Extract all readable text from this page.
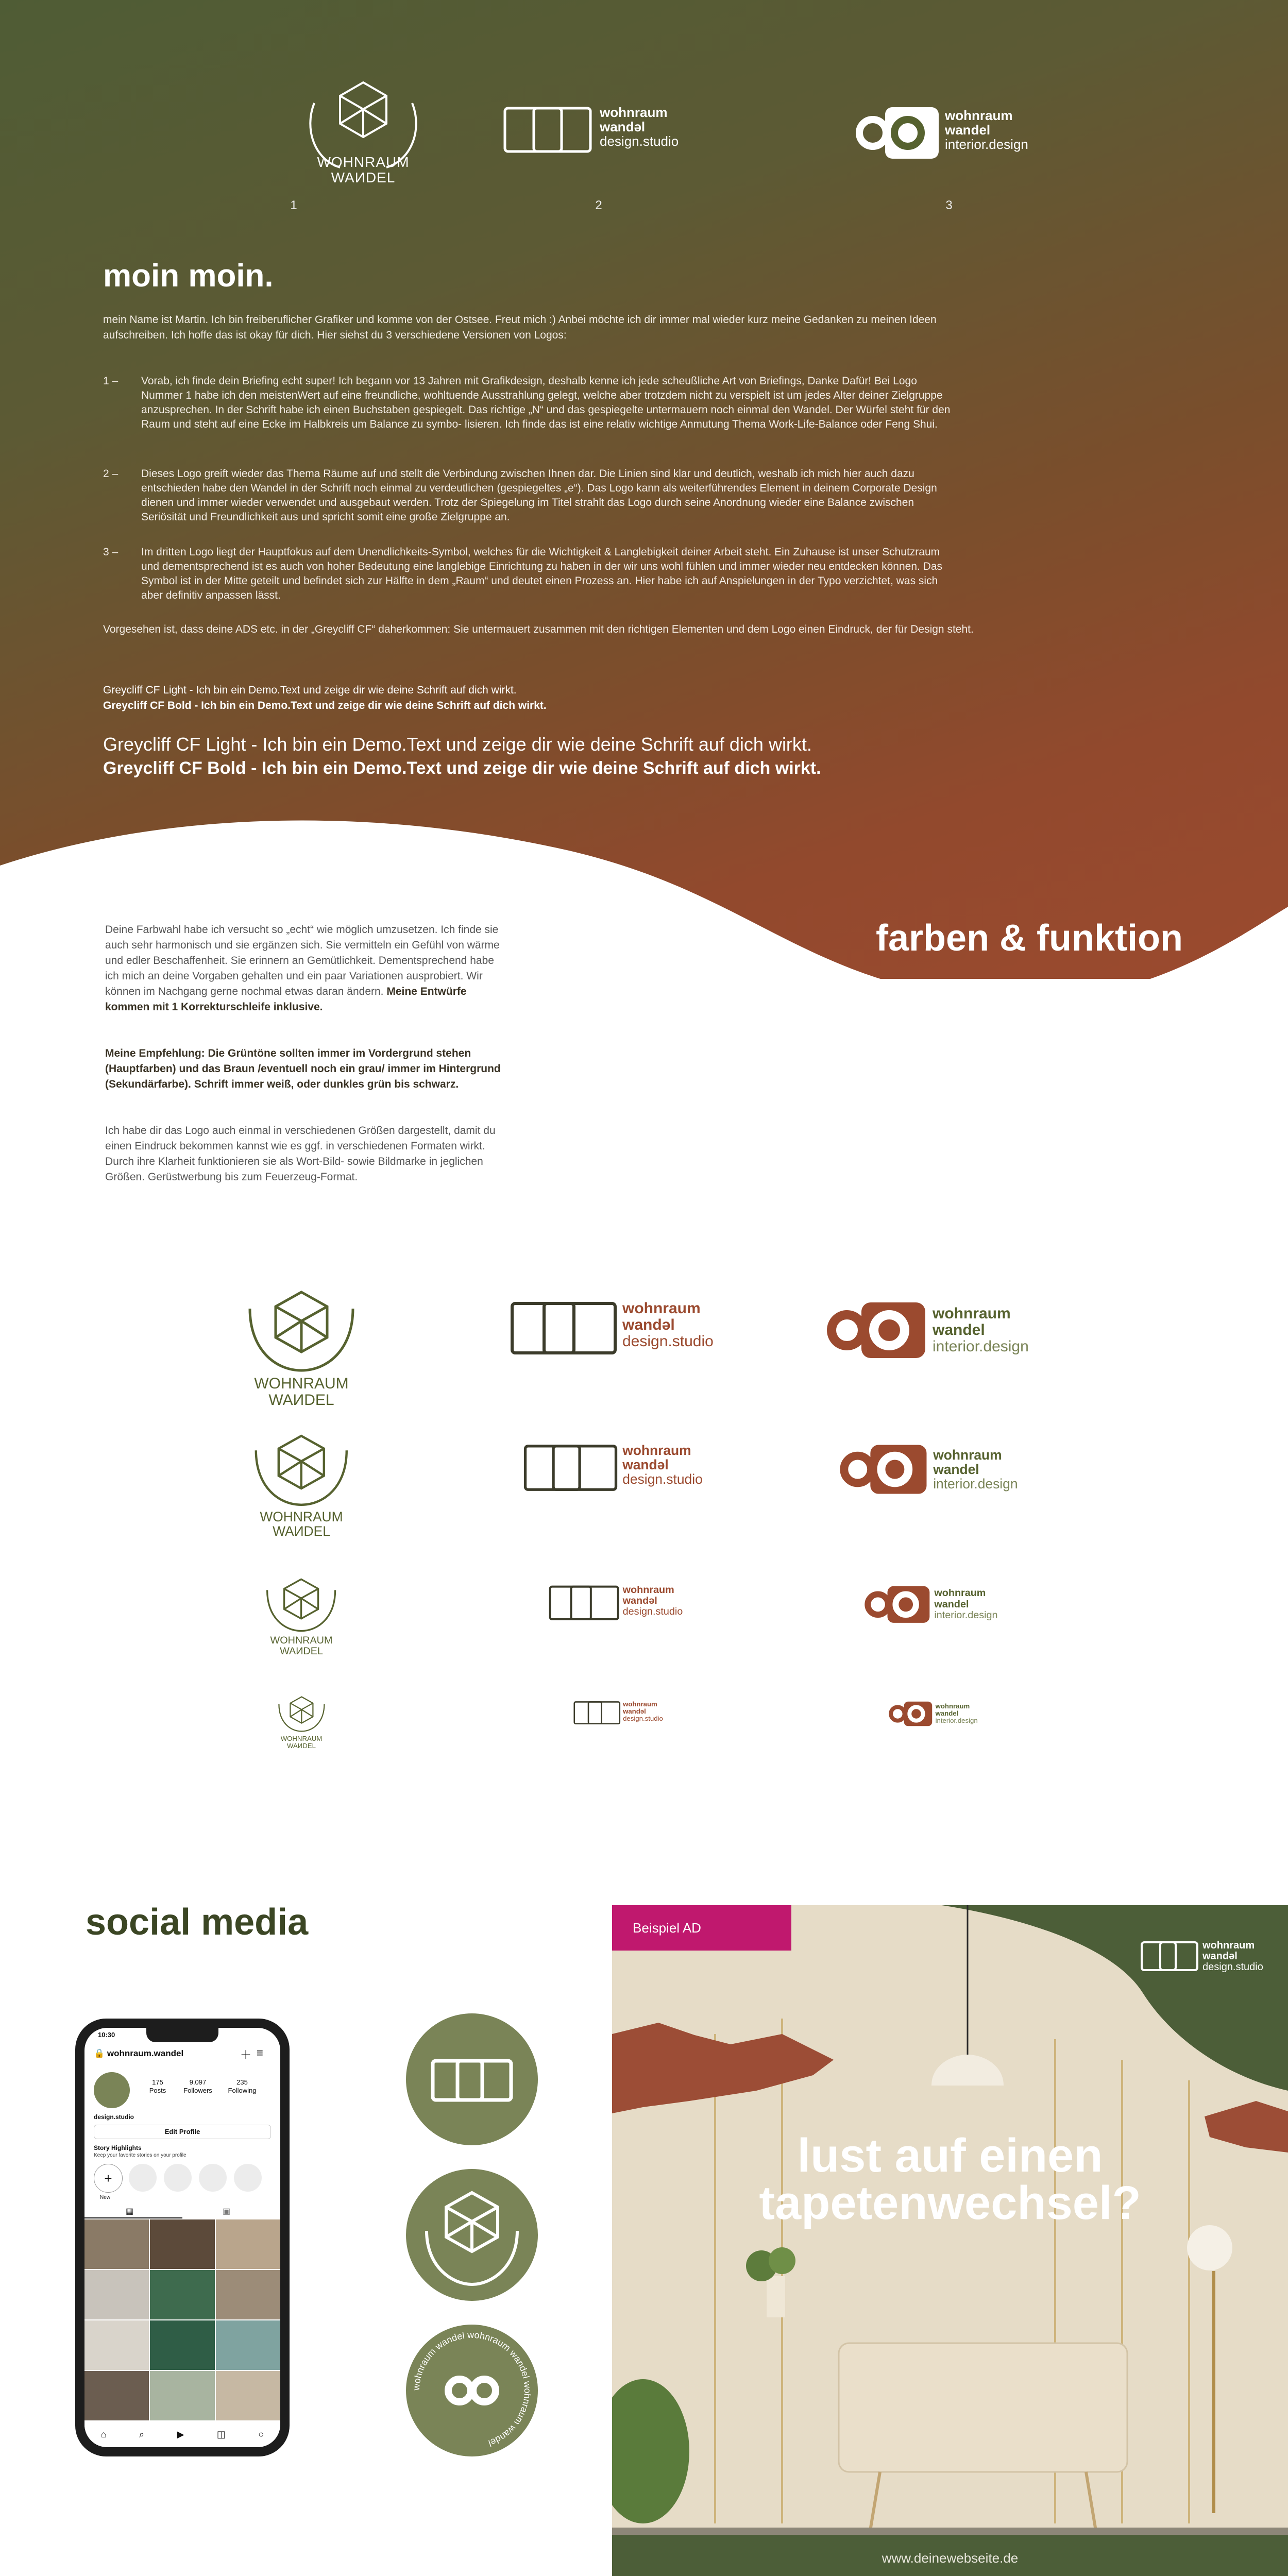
WOHNRAUM
WAИDEL
1
wohnraum
wandəl
design.studio
2
wohnraum
wandel
interior.design
3
moin moin.
mein Name ist Martin. Ich bin freiberuflicher Grafiker und komme von der Ostsee. Freut mich :) Anbei möchte ich dir immer mal wieder kurz meine Gedanken zu meinen Ideen aufschreiben. Ich hoffe das ist okay für dich. Hier siehst du 3 verschiedene Versionen von Logos:
1 –	Vorab, ich finde dein Briefing echt super! Ich begann vor 13 Jahren mit Grafikdesign, deshalb kenne ich jede scheußliche Art von Briefings, Danke Dafür! Bei Logo Nummer 1 habe ich den meistenWert auf eine freundliche, wohltuende Ausstrahlung gelegt, welche aber trotzdem nicht zu verspielt ist um jedes Alter deiner Zielgruppe anzusprechen. In der Schrift habe ich einen Buchstaben gespiegelt. Das richtige „N“ und das gespiegelte untermauern noch einmal den Wandel. Der Würfel steht für den Raum und steht auf eine Ecke im Halbkreis um Balance zu symbo- lisieren. Ich finde das ist eine relativ wichtige Anmutung Thema Work-Life-Balance oder Feng Shui.
2 –	Dieses Logo greift wieder das Thema Räume auf und stellt die Verbindung zwischen Ihnen dar. Die Linien sind klar und deutlich, weshalb ich mich hier auch dazu entschieden habe den Wandel in der Schrift noch einmal zu verdeutlichen (gespiegeltes „e“). Das Logo kann als weiterführendes Element in deinem Corporate Design dienen und immer wieder verwendet und ausgebaut werden. Trotz der Spiegelung im Titel strahlt das Logo durch seine Anordnung wieder eine Balance zwischen Seriösität und Freundlichkeit aus und spricht somit eine große Zielgruppe an.
3 –	Im dritten Logo liegt der Hauptfokus auf dem Unendlichkeits-Symbol, welches für die Wichtigkeit & Langlebigkeit deiner Arbeit steht. Ein Zuhause ist unser Schutzraum und dementsprechend ist es auch von hoher Bedeutung eine langlebige Einrichtung zu haben in der wir uns wohl fühlen und immer wieder neu entdecken können. Das Symbol ist in der Mitte geteilt und befindet sich zur Hälfte in dem „Raum“ und deutet einen Prozess an. Hier habe ich auf Anspielungen in der Typo verzichtet, was sich aber definitiv anpassen lässt.
Vorgesehen ist, dass deine ADS etc. in der „Greycliff CF“ daherkommen: Sie untermauert zusammen mit den richtigen Elementen und dem Logo einen Eindruck, der für Design steht.
Greycliff CF Light - Ich bin ein Demo.Text und zeige dir wie deine Schrift auf dich wirkt.
Greycliff CF Bold - Ich bin ein Demo.Text und zeige dir wie deine Schrift auf dich wirkt.
Greycliff CF Light - Ich bin ein Demo.Text und zeige dir wie deine Schrift auf dich wirkt.
Greycliff CF Bold - Ich bin ein Demo.Text und zeige dir wie deine Schrift auf dich wirkt.
farben & funktion
Deine Farbwahl habe ich versucht so „echt“ wie möglich umzusetzen. Ich finde sie auch sehr harmonisch und sie ergänzen sich. Sie vermitteln ein Gefühl von wärme und edler Beschaffenheit. Sie erinnern an Gemütlichkeit. Dementsprechend habe ich mich an deine Vorgaben gehalten und ein paar Variationen ausprobiert. Wir können im Nachgang gerne nochmal etwas daran ändern. Meine Entwürfe kommen mit 1 Korrekturschleife inklusive.
Meine Empfehlung: Die Grüntöne sollten immer im Vordergrund stehen (Hauptfarben) und das Braun /eventuell noch ein grau/ immer im Hintergrund (Sekundärfarbe). Schrift immer weiß, oder dunkles grün bis schwarz.
Ich habe dir das Logo auch einmal in verschiedenen Größen dargestellt, damit du einen Eindruck bekommen kannst wie es ggf. in verschiedenen Formaten wirkt. Durch ihre Klarheit funktionieren sie als Wort-Bild- sowie Bildmarke in jeglichen Größen. Gerüstwerbung bis zum Feuerzeug-Format.
social media
10:30
🔒 wohnraum.wandel	＋ ≡
175
Posts
9.097
Followers
235
Following
design.studio
Edit Profile
Story Highlights
Keep your favorite stories on your profile
+
New
▦	▣
⌂	⌕	▶	◫	○
wohnraum wandel wohnraum wandel wohnraum wandel
Beispiel AD
wohnraum
wandəl
design.studio
lust auf einen
tapetenwechsel?
www.deinewebseite.de
WOHNRAUM
WAИDEL
wohnraum
wandəl
design.studio
wohnraum
wandel
interior.design
WOHNRAUM
WAИDEL
wohnraum
wandəl
design.studio
wohnraum
wandel
interior.design
WOHNRAUM
WAИDEL
wohnraum
wandəl
design.studio
wohnraum
wandel
interior.design
WOHNRAUM
WAИDEL
wohnraum
wandəl
design.studio
wohnraum
wandel
interior.design
